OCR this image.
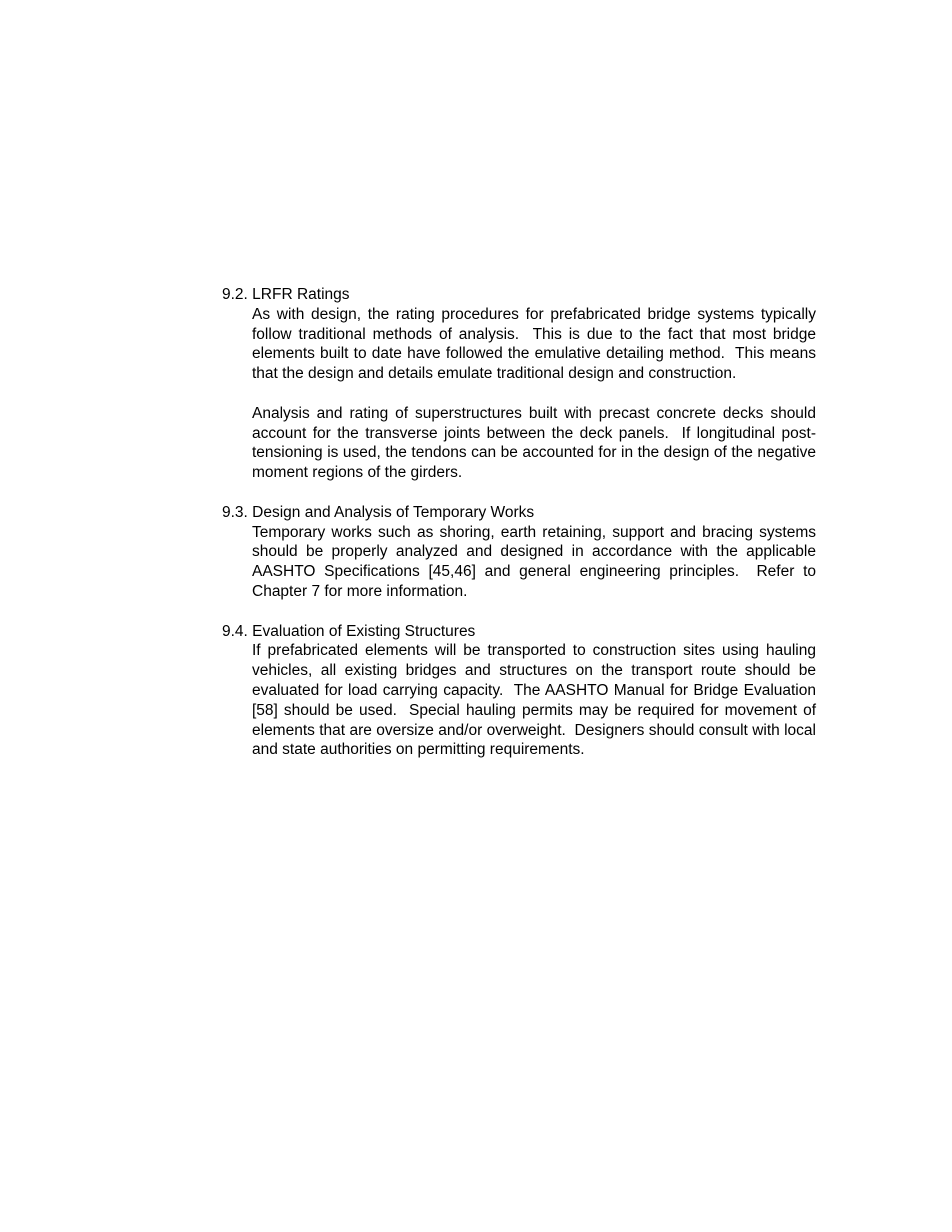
9.2. LRFR Ratings
As with design, the rating procedures for prefabricated bridge systems typically follow traditional methods of analysis.  This is due to the fact that most bridge elements built to date have followed the emulative detailing method.  This means that the design and details emulate traditional design and construction.
Analysis and rating of superstructures built with precast concrete decks should account for the transverse joints between the deck panels.  If longitudinal post-tensioning is used, the tendons can be accounted for in the design of the negative moment regions of the girders.
9.3. Design and Analysis of Temporary Works
Temporary works such as shoring, earth retaining, support and bracing systems should be properly analyzed and designed in accordance with the applicable AASHTO Specifications [45,46] and general engineering principles.  Refer to Chapter 7 for more information.
9.4. Evaluation of Existing Structures
If prefabricated elements will be transported to construction sites using hauling vehicles, all existing bridges and structures on the transport route should be evaluated for load carrying capacity.  The AASHTO Manual for Bridge Evaluation [58] should be used.  Special hauling permits may be required for movement of elements that are oversize and/or overweight.  Designers should consult with local and state authorities on permitting requirements.
